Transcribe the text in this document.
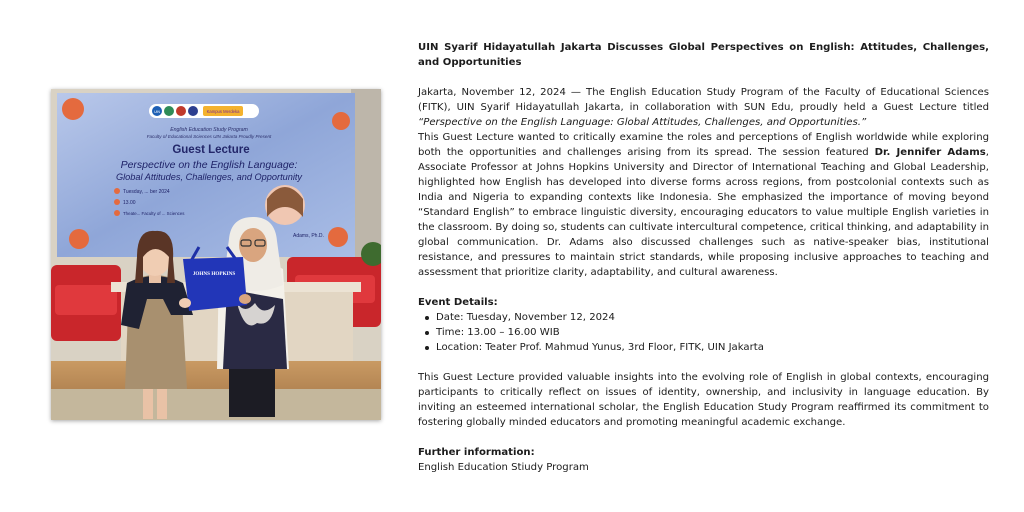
UIN	Kampus Merdeka
English Education Study Program
Faculty of Educational Sciences UIN Jakarta Proudly Present
Guest Lecture
Perspective on the English Language:
Global Attitudes, Challenges, and Opportunity
Tuesday, ... ber 2024
13.00
Theate... Faculty of ... Sciences
Adams, Ph.D.
JOHNS HOPKINS

UIN Syarif Hidayatullah Jakarta Discusses Global Perspectives on English: Attitudes, Challenges, and Opportunities

Jakarta, November 12, 2024 — The English Education Study Program of the Faculty of Educational Sciences (FITK), UIN Syarif Hidayatullah Jakarta, in collaboration with SUN Edu, proudly held a Guest Lecture titled “Perspective on the English Language: Global Attitudes, Challenges, and Opportunities.”

This Guest Lecture wanted to critically examine the roles and perceptions of English worldwide while exploring both the opportunities and challenges arising from its spread. The session featured Dr. Jennifer Adams, Associate Professor at Johns Hopkins University and Director of International Teaching and Global Leadership, highlighted how English has developed into diverse forms across regions, from postcolonial contexts such as India and Nigeria to expanding contexts like Indonesia. She emphasized the importance of moving beyond “Standard English” to embrace linguistic diversity, encouraging educators to value multiple English varieties in the classroom. By doing so, students can cultivate intercultural competence, critical thinking, and adaptability in global communication. Dr. Adams also discussed challenges such as native-speaker bias, institutional resistance, and pressures to maintain strict standards, while proposing inclusive approaches to teaching and assessment that prioritize clarity, adaptability, and cultural awareness.

Event Details:

Date: Tuesday, November 12, 2024
Time: 13.00 – 16.00 WIB
Location: Teater Prof. Mahmud Yunus, 3rd Floor, FITK, UIN Jakarta

This Guest Lecture provided valuable insights into the evolving role of English in global contexts, encouraging participants to critically reflect on issues of identity, ownership, and inclusivity in language education. By inviting an esteemed international scholar, the English Education Study Program reaffirmed its commitment to fostering globally minded educators and promoting meaningful academic exchange.

Further information:

English Education Stiudy Program
